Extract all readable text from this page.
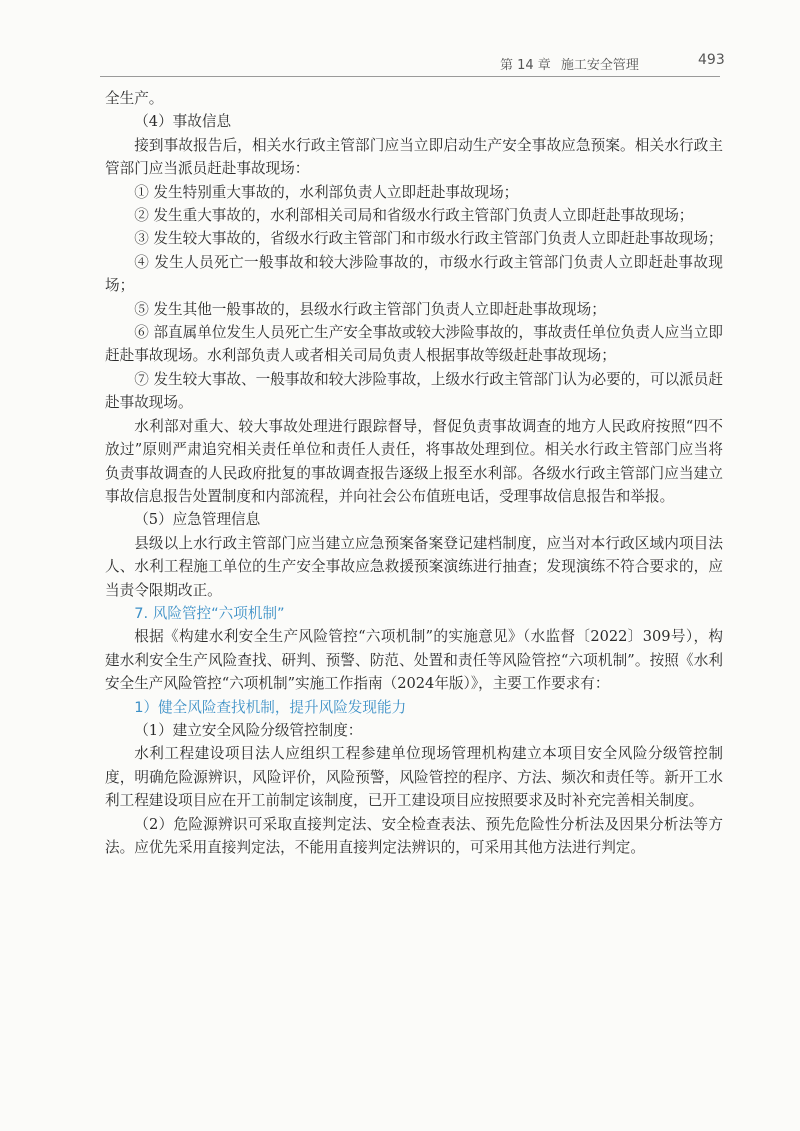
第 14 章 施工安全管理	493

全生产。

（4）事故信息

接到事故报告后，相关水行政主管部门应当立即启动生产安全事故应急预案。相关水行政主管部门应当派员赶赴事故现场：

① 发生特别重大事故的，水利部负责人立即赶赴事故现场；

② 发生重大事故的，水利部相关司局和省级水行政主管部门负责人立即赶赴事故现场；

③ 发生较大事故的，省级水行政主管部门和市级水行政主管部门负责人立即赶赴事故现场；

④ 发生人员死亡一般事故和较大涉险事故的，市级水行政主管部门负责人立即赶赴事故现场；

⑤ 发生其他一般事故的，县级水行政主管部门负责人立即赶赴事故现场；

⑥ 部直属单位发生人员死亡生产安全事故或较大涉险事故的，事故责任单位负责人应当立即赶赴事故现场。水利部负责人或者相关司局负责人根据事故等级赶赴事故现场；

⑦ 发生较大事故、一般事故和较大涉险事故，上级水行政主管部门认为必要的，可以派员赶赴事故现场。

水利部对重大、较大事故处理进行跟踪督导，督促负责事故调查的地方人民政府按照“四不放过”原则严肃追究相关责任单位和责任人责任，将事故处理到位。相关水行政主管部门应当将负责事故调查的人民政府批复的事故调查报告逐级上报至水利部。各级水行政主管部门应当建立事故信息报告处置制度和内部流程，并向社会公布值班电话，受理事故信息报告和举报。

（5）应急管理信息

县级以上水行政主管部门应当建立应急预案备案登记建档制度，应当对本行政区域内项目法人、水利工程施工单位的生产安全事故应急救援预案演练进行抽查；发现演练不符合要求的，应当责令限期改正。

7. 风险管控“六项机制”

根据《构建水利安全生产风险管控“六项机制”的实施意见》（水监督〔2022〕309号），构建水利安全生产风险查找、研判、预警、防范、处置和责任等风险管控“六项机制”。按照《水利安全生产风险管控“六项机制”实施工作指南（2024年版）》，主要工作要求有：

1）健全风险查找机制，提升风险发现能力

（1）建立安全风险分级管控制度：

水利工程建设项目法人应组织工程参建单位现场管理机构建立本项目安全风险分级管控制度，明确危险源辨识，风险评价，风险预警，风险管控的程序、方法、频次和责任等。新开工水利工程建设项目应在开工前制定该制度，已开工建设项目应按照要求及时补充完善相关制度。

（2）危险源辨识可采取直接判定法、安全检查表法、预先危险性分析法及因果分析法等方法。应优先采用直接判定法，不能用直接判定法辨识的，可采用其他方法进行判定。
